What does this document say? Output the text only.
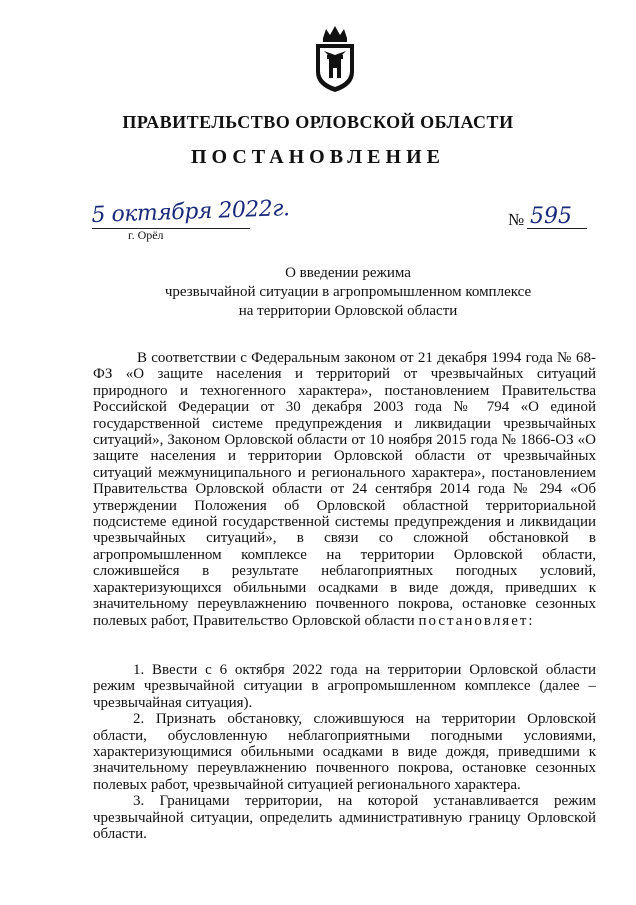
ПРАВИТЕЛЬСТВО ОРЛОВСКОЙ ОБЛАСТИ
ПОСТАНОВЛЕНИЕ
5 октября 2022г.
г. Орёл
№ 595
О введении режима
чрезвычайной ситуации в агропромышленном комплексе
на территории Орловской области
В соответствии с Федеральным законом от 21 декабря 1994 года № 68-ФЗ «О защите населения и территорий от чрезвычайных ситуаций природного и техногенного характера», постановлением Правительства Российской Федерации от 30 декабря 2003 года № 794 «О единой государственной системе предупреждения и ликвидации чрезвычайных ситуаций», Законом Орловской области от 10 ноября 2015 года № 1866-ОЗ «О защите населения и территории Орловской области от чрезвычайных ситуаций межмуниципального и регионального характера», постановлением Правительства Орловской области от 24 сентября 2014 года № 294 «Об утверждении Положения об Орловской областной территориальной подсистеме единой государственной системы предупреждения и ликвидации чрезвычайных ситуаций», в связи со сложной обстановкой в агропромышленном комплексе на территории Орловской области, сложившейся в результате неблагоприятных погодных условий, характеризующихся обильными осадками в виде дождя, приведших к значительному переувлажнению почвенного покрова, остановке сезонных полевых работ, Правительство Орловской области постановляет:

1. Ввести с 6 октября 2022 года на территории Орловской области режим чрезвычайной ситуации в агропромышленном комплексе (далее – чрезвычайная ситуация).

2. Признать обстановку, сложившуюся на территории Орловской области, обусловленную неблагоприятными погодными условиями, характеризующимися обильными осадками в виде дождя, приведшими к значительному переувлажнению почвенного покрова, остановке сезонных полевых работ, чрезвычайной ситуацией регионального характера.

3. Границами территории, на которой устанавливается режим чрезвычайной ситуации, определить административную границу Орловской области.
